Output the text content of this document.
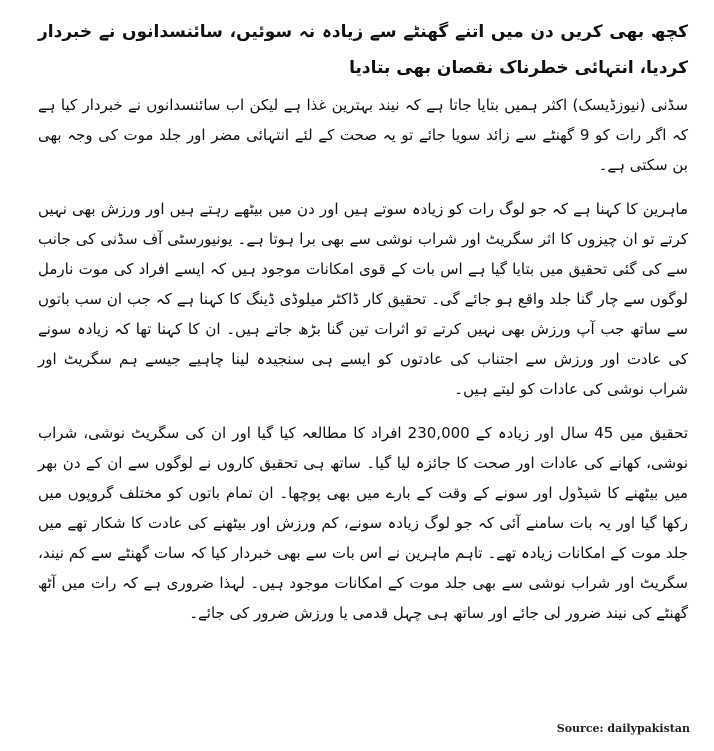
کچھ بھی کریں دن میں اتنے گھنٹے سے زیادہ نہ سوئیں، سائنسدانوں نے خبردار کردیا، انتہائی خطرناک نقصان بھی بتادیا

سڈنی (نیوزڈیسک) اکثر ہمیں بتایا جاتا ہے کہ نیند بہترین غذا ہے لیکن اب سائنسدانوں نے خبردار کیا ہے کہ اگر رات کو 9 گھنٹے سے زائد سویا جائے تو یہ صحت کے لئے انتہائی مضر اور جلد موت کی وجہ بھی بن سکتی ہے۔

ماہرین کا کہنا ہے کہ جو لوگ رات کو زیادہ سوتے ہیں اور دن میں بیٹھے رہتے ہیں اور ورزش بھی نہیں کرتے تو ان چیزوں کا اثر سگریٹ اور شراب نوشی سے بھی برا ہوتا ہے۔ یونیورسٹی آف سڈنی کی جانب سے کی گئی تحقیق میں بتایا گیا ہے اس بات کے قوی امکانات موجود ہیں کہ ایسے افراد کی موت نارمل لوگوں سے چار گنا جلد واقع ہو جائے گی۔ تحقیق کار ڈاکٹر میلوڈی ڈینگ کا کہنا ہے کہ جب ان سب باتوں سے ساتھ جب آپ ورزش بھی نہیں کرتے تو اثرات تین گنا بڑھ جاتے ہیں۔ ان کا کہنا تھا کہ زیادہ سونے کی عادت اور ورزش سے اجتناب کی عادتوں کو ایسے ہی سنجیدہ لینا چاہیے جیسے ہم سگریٹ اور شراب نوشی کی عادات کو لیتے ہیں۔

تحقیق میں 45 سال اور زیادہ کے 230,000 افراد کا مطالعہ کیا گیا اور ان کی سگریٹ نوشی، شراب نوشی، کھانے کی عادات اور صحت کا جائزہ لیا گیا۔ ساتھ ہی تحقیق کاروں نے لوگوں سے ان کے دن بھر میں بیٹھنے کا شیڈول اور سونے کے وقت کے بارے میں بھی پوچھا۔ ان تمام باتوں کو مختلف گروپوں میں رکھا گیا اور یہ بات سامنے آئی کہ جو لوگ زیادہ سونے، کم ورزش اور بیٹھنے کی عادت کا شکار تھے میں جلد موت کے امکانات زیادہ تھے۔ تاہم ماہرین نے اس بات سے بھی خبردار کیا کہ سات گھنٹے سے کم نیند، سگریٹ اور شراب نوشی سے بھی جلد موت کے امکانات موجود ہیں۔ لہذا ضروری ہے کہ رات میں آٹھ گھنٹے کی نیند ضرور لی جائے اور ساتھ ہی چہل قدمی یا ورزش ضرور کی جائے۔

Source: dailypakistan
